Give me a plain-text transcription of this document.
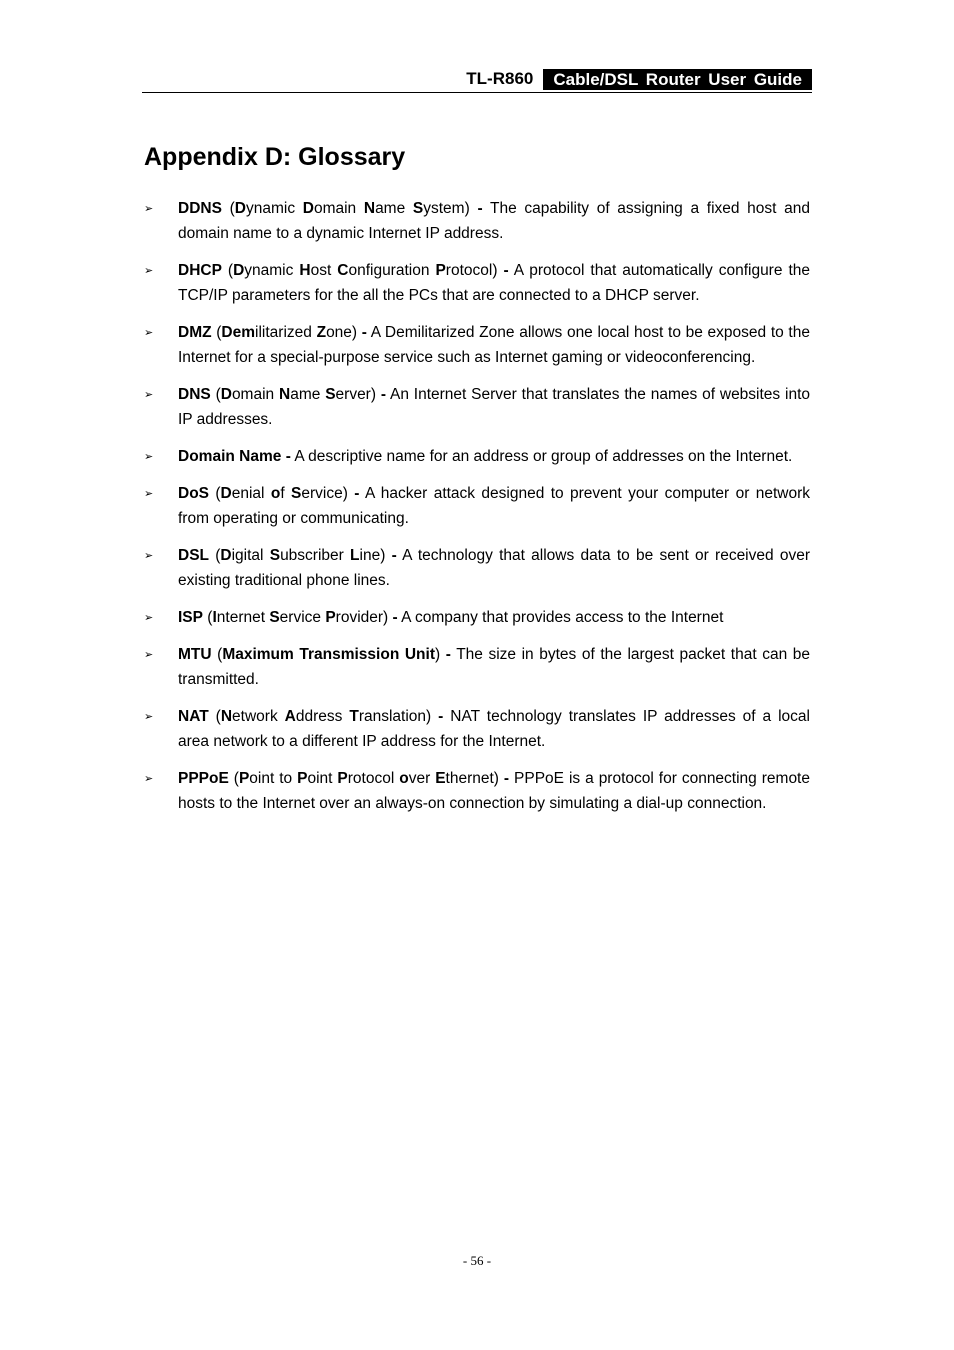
TL-R860	Cable/DSL Router User Guide
Appendix D: Glossary
➢ DDNS (Dynamic Domain Name System) - The capability of assigning a fixed host and domain name to a dynamic Internet IP address.
➢ DHCP (Dynamic Host Configuration Protocol) - A protocol that automatically configure the TCP/IP parameters for the all the PCs that are connected to a DHCP server.
➢ DMZ (Demilitarized Zone) - A Demilitarized Zone allows one local host to be exposed to the Internet for a special-purpose service such as Internet gaming or videoconferencing.
➢ DNS (Domain Name Server) - An Internet Server that translates the names of websites into IP addresses.
➢ Domain Name - A descriptive name for an address or group of addresses on the Internet.
➢ DoS (Denial of Service) - A hacker attack designed to prevent your computer or network from operating or communicating.
➢ DSL (Digital Subscriber Line) - A technology that allows data to be sent or received over existing traditional phone lines.
➢ ISP (Internet Service Provider) - A company that provides access to the Internet
➢ MTU (Maximum Transmission Unit) - The size in bytes of the largest packet that can be transmitted.
➢ NAT (Network Address Translation) - NAT technology translates IP addresses of a local area network to a different IP address for the Internet.
➢ PPPoE (Point to Point Protocol over Ethernet) - PPPoE is a protocol for connecting remote hosts to the Internet over an always-on connection by simulating a dial-up connection.
- 56 -
